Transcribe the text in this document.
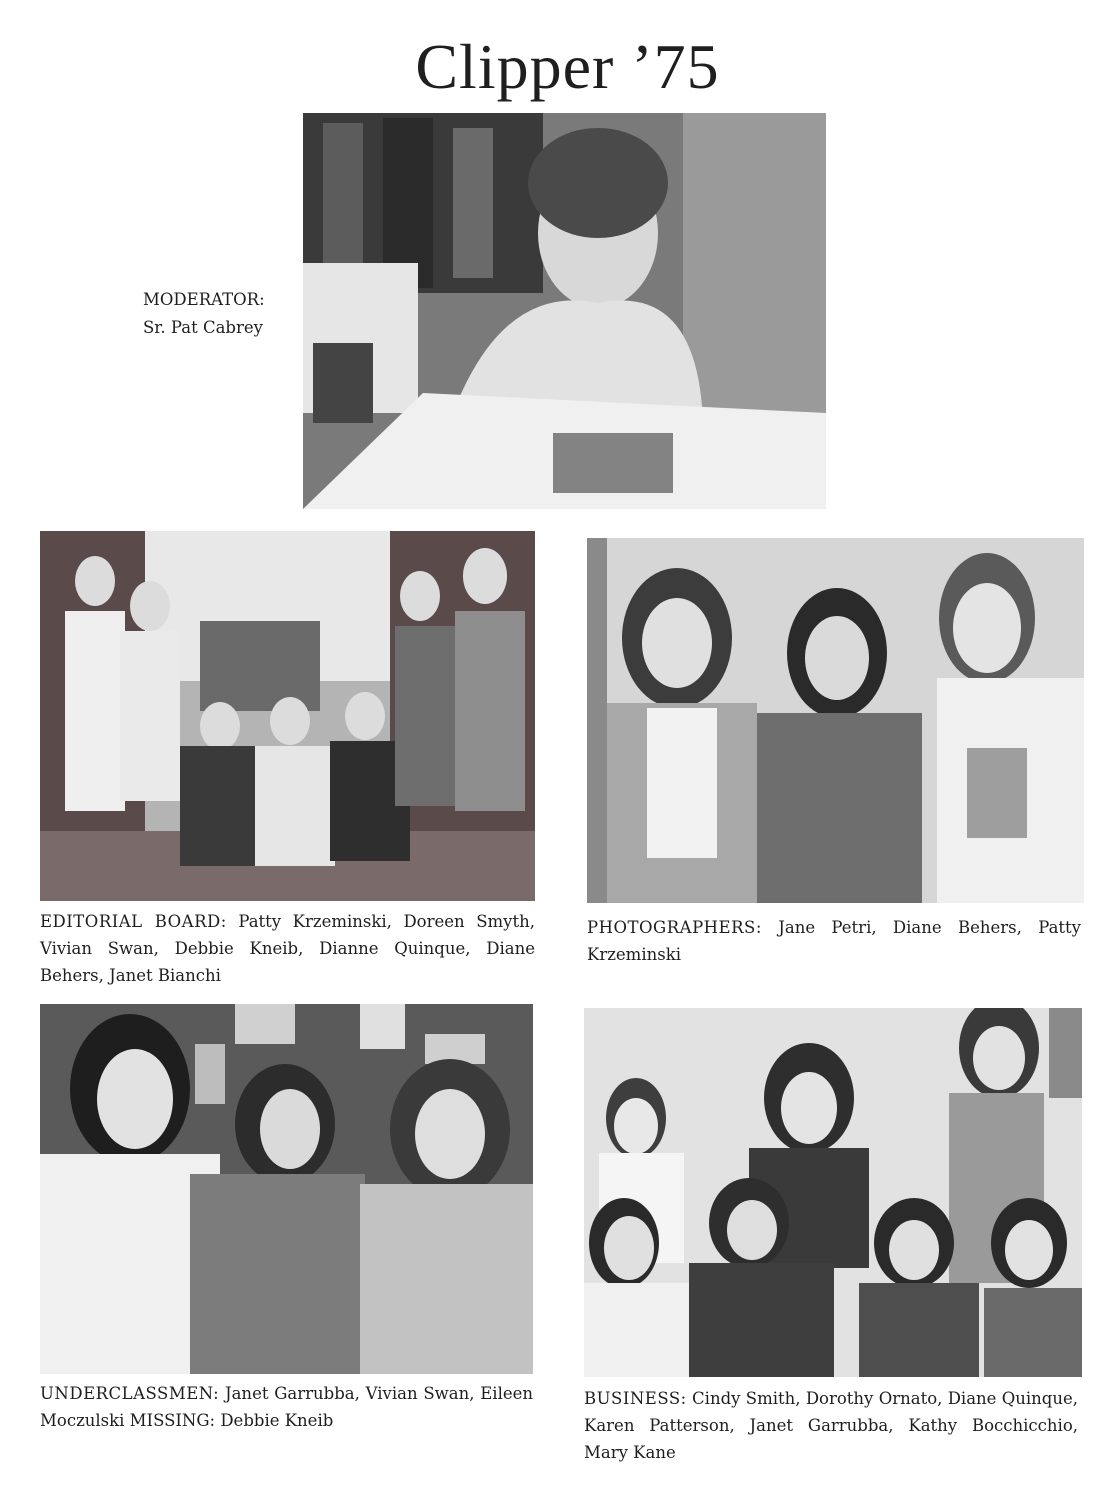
Clipper ’75
MODERATOR:
Sr. Pat Cabrey
EDITORIAL BOARD: Patty Krzeminski, Doreen Smyth, Vivian Swan, Debbie Kneib, Dianne Quinque, Diane Behers, Janet Bianchi
PHOTOGRAPHERS: Jane Petri, Diane Behers, Patty Krzeminski
UNDERCLASSMEN: Janet Garrubba, Vivian Swan, Eileen Moczulski MISSING: Debbie Kneib
BUSINESS: Cindy Smith, Dorothy Ornato, Diane Quinque, Karen Patterson, Janet Garrubba, Kathy Bocchicchio, Mary Kane
